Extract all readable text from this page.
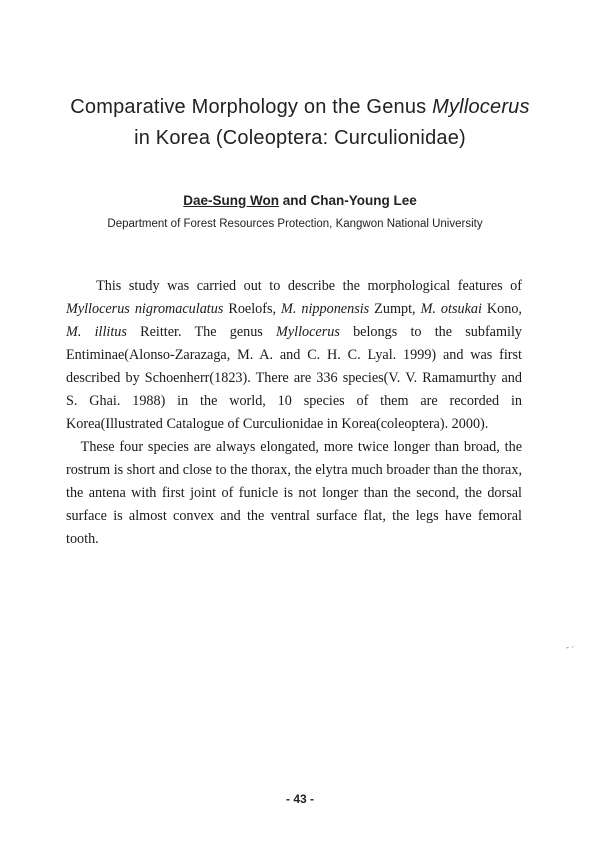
Comparative Morphology on the Genus Myllocerus
in Korea (Coleoptera: Curculionidae)
Dae-Sung Won and Chan-Young Lee
Department of Forest Resources Protection, Kangwon National University

This study was carried out to describe the morphological features of Myllocerus nigromaculatus Roelofs, M. nipponensis Zumpt, M. otsukai Kono, M. illitus Reitter. The genus Myllocerus belongs to the subfamily Entiminae(Alonso-Zarazaga, M. A. and C. H. C. Lyal. 1999) and was first described by Schoenherr(1823). There are 336 species(V. V. Ramamurthy and S. Ghai. 1988) in the world, 10 species of them are recorded in Korea(Illustrated Catalogue of Curculionidae in Korea(coleoptera). 2000).

These four species are always elongated, more twice longer than broad, the rostrum is short and close to the thorax, the elytra much broader than the thorax, the antena with first joint of funicle is not longer than the second, the dorsal surface is almost convex and the ventral surface flat, the legs have femoral tooth.

- ·
- 43 -
